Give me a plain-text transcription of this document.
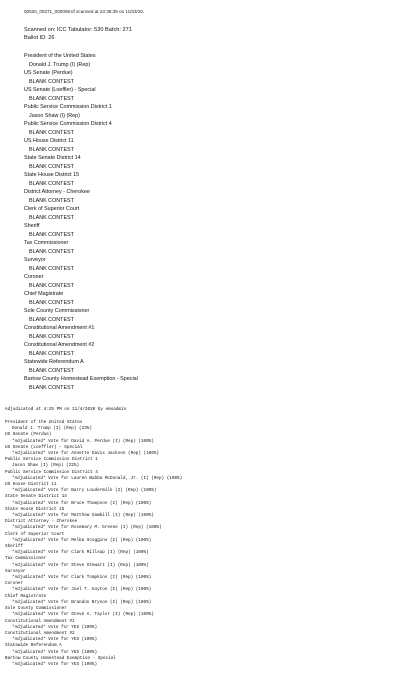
00530_00271_000008.tif scanned at 23:38:39 on 11/03/20.
Scanned on: ICC Tabulator: 530 Batch: 271
Ballot ID: 26
President of the United States
Donald J. Trump (I) (Rep)
US Senate (Perdue)
BLANK CONTEST
US Senate (Loeffler) - Special
BLANK CONTEST
Public Service Commission District 1
Jason Shaw (I) (Rep)
Public Service Commission District 4
BLANK CONTEST
US House District 11
BLANK CONTEST
State Senate District 14
BLANK CONTEST
State House District 15
BLANK CONTEST
District Attorney - Cherokee
BLANK CONTEST
Clerk of Superior Court
BLANK CONTEST
Sheriff
BLANK CONTEST
Tax Commissioner
BLANK CONTEST
Surveyor
BLANK CONTEST
Coroner
BLANK CONTEST
Chief Magistrate
BLANK CONTEST
Sole County Commissioner
BLANK CONTEST
Constitutional Amendment #1
BLANK CONTEST
Constitutional Amendment #2
BLANK CONTEST
Statewide Referendum A
BLANK CONTEST
Bartow County Homestead Exemption - Special
BLANK CONTEST
Adjudicated at 4:25 PM on 11/4/2020 by emsadmin
President of the United States
Donald J. Trump (I) (Rep) (23%)
US Senate (Perdue)
*Adjudicated* Vote for David A. Perdue (I) (Rep) (100%)
US Senate (Loeffler) - Special
*Adjudicated* Vote for Annette Davis Jackson (Rep) (100%)
Public Service Commission District 1
Jason Shaw (I) (Rep) (22%)
Public Service Commission District 4
*Adjudicated* Vote for Lauren Bubba McDonald, Jr. (I) (Rep) (100%)
US House District 11
*Adjudicated* Vote for Barry Loudermilk (I) (Rep) (100%)
State Senate District 14
*Adjudicated* Vote for Bruce Thompson (I) (Rep) (100%)
State House District 15
*Adjudicated* Vote for Matthew Gambill (I) (Rep) (100%)
District Attorney - Cherokee
*Adjudicated* Vote for Rosemary M. Greene (I) (Rep) (100%)
Clerk of Superior Court
*Adjudicated* Vote for Melba Scoggins (I) (Rep) (100%)
Sheriff
*Adjudicated* Vote for Clark Millsap (I) (Rep) (100%)
Tax Commissioner
*Adjudicated* Vote for Steve Stewart (I) (Rep) (100%)
Surveyor
*Adjudicated* Vote for Clark Tompkins (I) (Rep) (100%)
Coroner
*Adjudicated* Vote for Joel T. Guyton (I) (Rep) (100%)
Chief Magistrate
*Adjudicated* Vote for Brandon Bryson (I) (Rep) (100%)
Sole County Commissioner
*Adjudicated* Vote for Steve A. Taylor (I) (Rep) (100%)
Constitutional Amendment #1
*Adjudicated* Vote for YES (100%)
Constitutional Amendment #2
*Adjudicated* Vote for YES (100%)
Statewide Referendum A
*Adjudicated* Vote for YES (100%)
Bartow County Homestead Exemption - Special
*Adjudicated* Vote for YES (100%)
